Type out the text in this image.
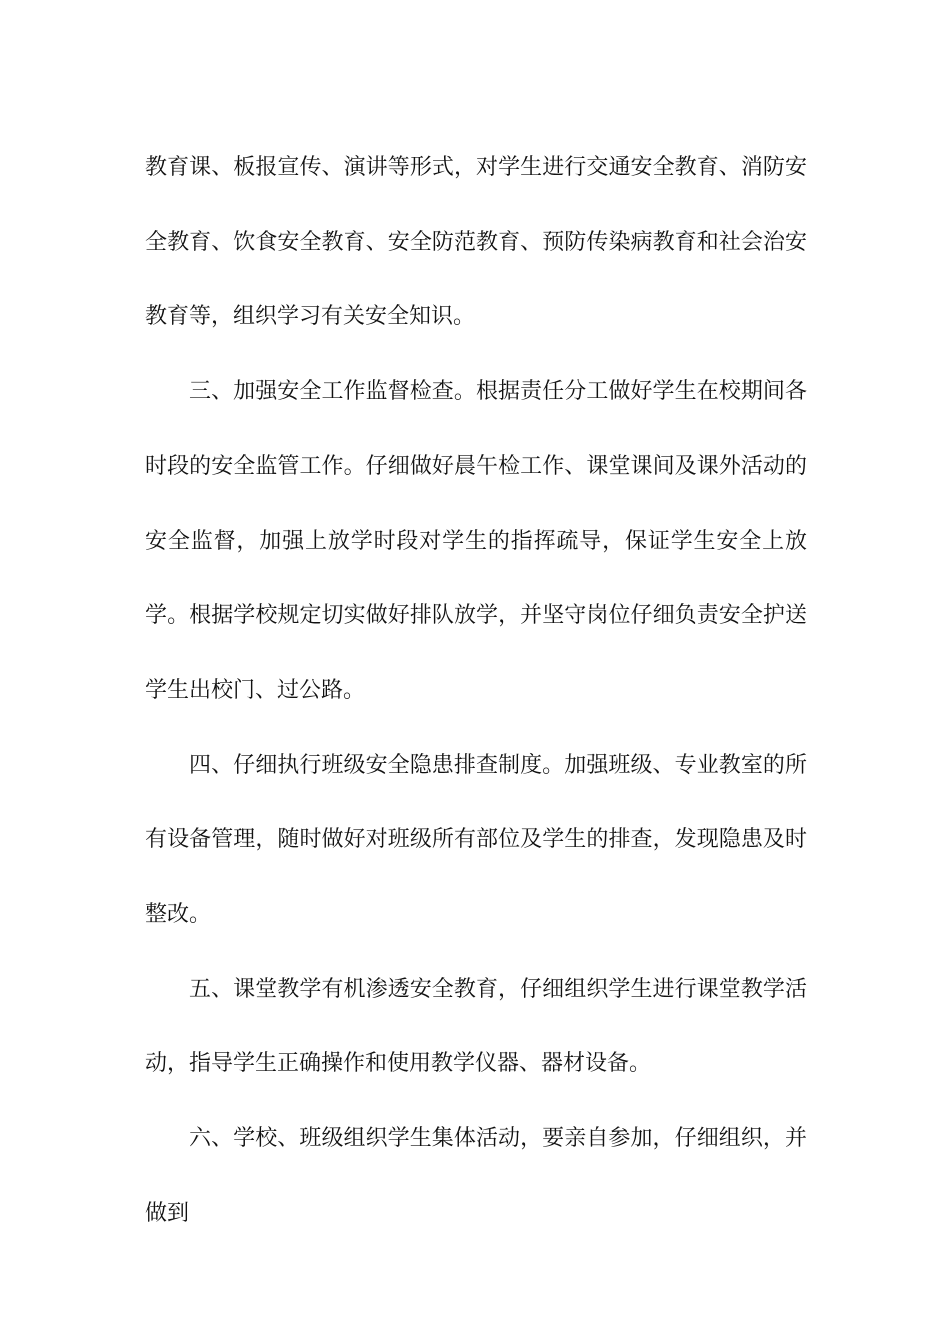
教育课、板报宣传、演讲等形式，对学生进行交通安全教育、消防安全教育、饮食安全教育、安全防范教育、预防传染病教育和社会治安教育等，组织学习有关安全知识。

三、加强安全工作监督检查。根据责任分工做好学生在校期间各时段的安全监管工作。仔细做好晨午检工作、课堂课间及课外活动的安全监督，加强上放学时段对学生的指挥疏导，保证学生安全上放学。根据学校规定切实做好排队放学，并坚守岗位仔细负责安全护送学生出校门、过公路。

四、仔细执行班级安全隐患排查制度。加强班级、专业教室的所有设备管理，随时做好对班级所有部位及学生的排查，发现隐患及时整改。

五、课堂教学有机渗透安全教育，仔细组织学生进行课堂教学活动，指导学生正确操作和使用教学仪器、器材设备。

六、学校、班级组织学生集体活动，要亲自参加，仔细组织，并做到
